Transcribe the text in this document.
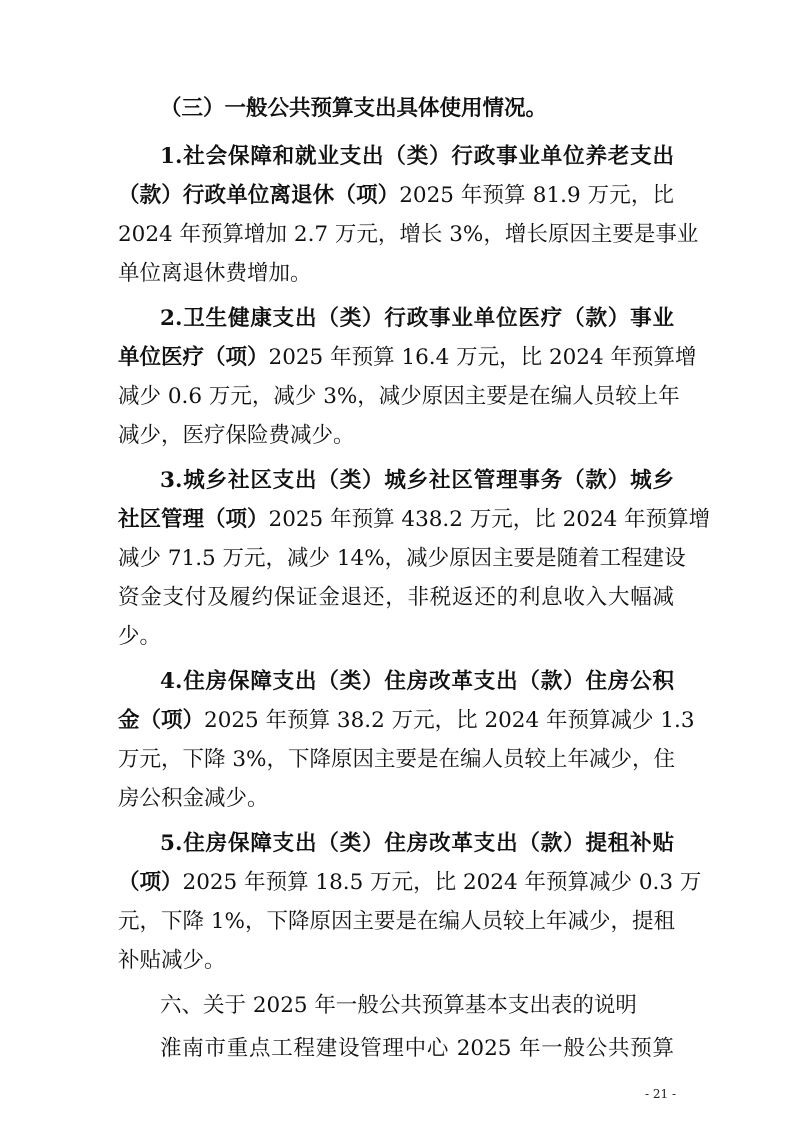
（三）一般公共预算支出具体使用情况。
1.社会保障和就业支出（类）行政事业单位养老支出
（款）行政单位离退休（项）2025 年预算 81.9 万元，比
2024 年预算增加 2.7 万元，增长 3%，增长原因主要是事业
单位离退休费增加。
2.卫生健康支出（类）行政事业单位医疗（款）事业
单位医疗（项）2025 年预算 16.4 万元，比 2024 年预算增
减少 0.6 万元，减少 3%，减少原因主要是在编人员较上年
减少，医疗保险费减少。
3.城乡社区支出（类）城乡社区管理事务（款）城乡
社区管理（项）2025 年预算 438.2 万元，比 2024 年预算增
减少 71.5 万元，减少 14%，减少原因主要是随着工程建设
资金支付及履约保证金退还，非税返还的利息收入大幅减
少。
4.住房保障支出（类）住房改革支出（款）住房公积
金（项）2025 年预算 38.2 万元，比 2024 年预算减少 1.3
万元，下降 3%，下降原因主要是在编人员较上年减少，住
房公积金减少。
5.住房保障支出（类）住房改革支出（款）提租补贴
（项）2025 年预算 18.5 万元，比 2024 年预算减少 0.3 万
元，下降 1%，下降原因主要是在编人员较上年减少，提租
补贴减少。
六、关于 2025 年一般公共预算基本支出表的说明
淮南市重点工程建设管理中心 2025 年一般公共预算
- 21 -
